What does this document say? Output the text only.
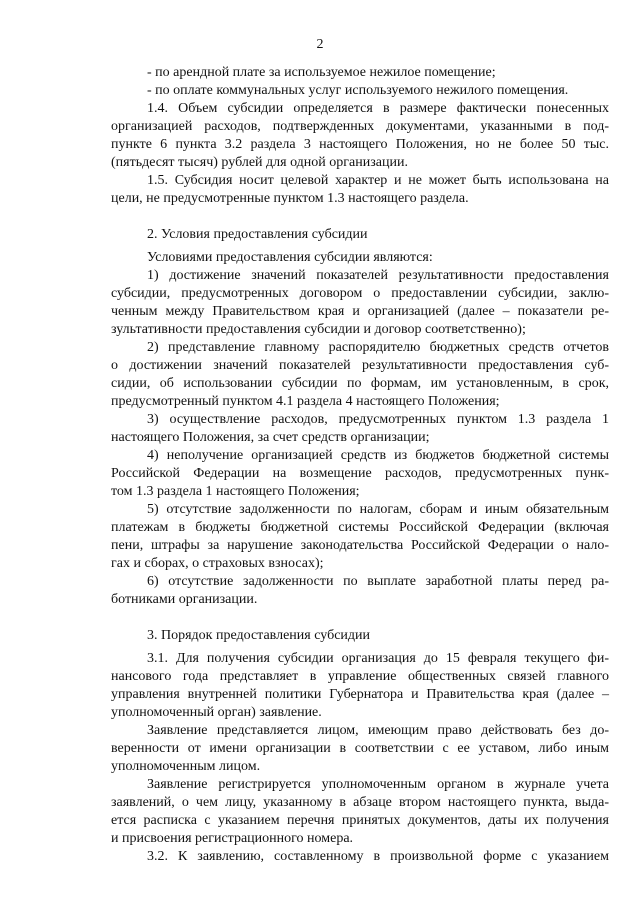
2
- по арендной плате за используемое нежилое помещение;
- по оплате коммунальных услуг используемого нежилого помещения.
1.4. Объем субсидии определяется в размере фактически понесенных
организацией расходов, подтвержденных документами, указанными в под-
пункте 6 пункта 3.2 раздела 3 настоящего Положения, но не более 50 тыс.
(пятьдесят тысяч) рублей для одной организации.
1.5. Субсидия носит целевой характер и не может быть использована на
цели, не предусмотренные пунктом 1.3 настоящего раздела.
2. Условия предоставления субсидии
Условиями предоставления субсидии являются:
1) достижение значений показателей результативности предоставления
субсидии, предусмотренных договором о предоставлении субсидии, заклю-
ченным между Правительством края и организацией (далее – показатели ре-
зультативности предоставления субсидии и договор соответственно);
2) представление главному распорядителю бюджетных средств отчетов
о достижении значений показателей результативности предоставления суб-
сидии, об использовании субсидии по формам, им установленным, в срок,
предусмотренный пунктом 4.1 раздела 4 настоящего Положения;
3) осуществление расходов, предусмотренных пунктом 1.3 раздела 1
настоящего Положения, за счет средств организации;
4) неполучение организацией средств из бюджетов бюджетной системы
Российской Федерации на возмещение расходов, предусмотренных пунк-
том 1.3 раздела 1 настоящего Положения;
5) отсутствие задолженности по налогам, сборам и иным обязательным
платежам в бюджеты бюджетной системы Российской Федерации (включая
пени, штрафы за нарушение законодательства Российской Федерации о нало-
гах и сборах, о страховых взносах);
6) отсутствие задолженности по выплате заработной платы перед ра-
ботниками организации.
3. Порядок предоставления субсидии
3.1. Для получения субсидии организация до 15 февраля текущего фи-
нансового года представляет в управление общественных связей главного
управления внутренней политики Губернатора и Правительства края (далее –
уполномоченный орган) заявление.
Заявление представляется лицом, имеющим право действовать без до-
веренности от имени организации в соответствии с ее уставом, либо иным
уполномоченным лицом.
Заявление регистрируется уполномоченным органом в журнале учета
заявлений, о чем лицу, указанному в абзаце втором настоящего пункта, выда-
ется расписка с указанием перечня принятых документов, даты их получения
и присвоения регистрационного номера.
3.2. К заявлению, составленному в произвольной форме с указанием
